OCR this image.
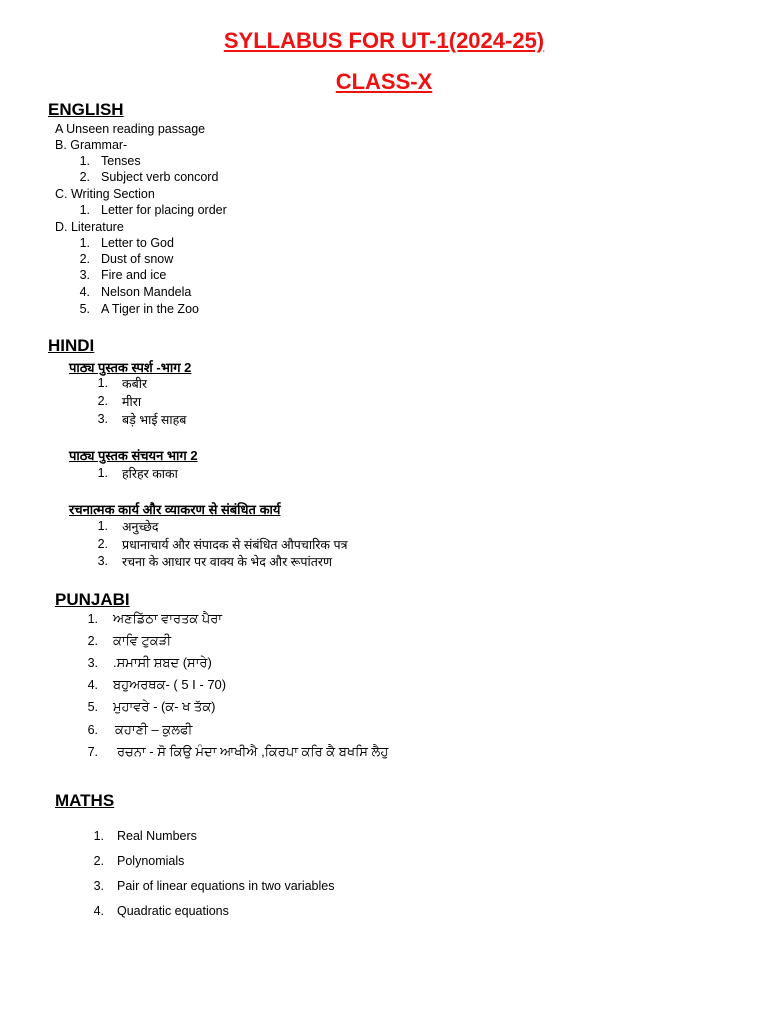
SYLLABUS FOR UT-1(2024-25)
CLASS-X
ENGLISH
A Unseen reading passage
B. Grammar-
1. Tenses
2. Subject verb concord
C. Writing Section
1. Letter for placing order
D. Literature
1. Letter to God
2. Dust of snow
3. Fire and ice
4. Nelson Mandela
5. A Tiger in the Zoo
HINDI
पाठ्य पुस्तक स्पर्श -भाग 2
1. कबीर
2. मीरा
3. बड़े भाई साहब
पाठ्य पुस्तक संचयन भाग 2
1. हरिहर काका
रचनात्मक कार्य और व्याकरण से संबंधित कार्य
1. अनुच्छेद
2. प्रधानाचार्य और संपादक से संबंधित औपचारिक पत्र
3. रचना के आधार पर वाक्य के भेद और रूपांतरण
PUNJABI
1. ਅਣਡਿੱਠਾ ਵਾਰਤਕ ਪੈਰਾ
2. ਕਾਵਿ ਟੁਕੜੀ
3. .ਸਮਾਸੀ ਸ਼ਬਦ (ਸਾਰੇ)
4. ਬਹੁਅਰਥਕ- ( 5 I - 70)
5. ਮੁਹਾਵਰੇ - (ਕ- ਖ ਤੱਕ)
6. ਕਹਾਣੀ – ਕੁਲਫੀ
7. ਰਚਨਾ - ਸੋ ਕਿਉ ਮੰਦਾ ਆਖੀਐ ,ਕਿਰਪਾ ਕਰਿ ਕੈ ਬਖਸਿ ਲੈਹੁ
MATHS
1. Real Numbers
2. Polynomials
3. Pair of linear equations in two variables
4. Quadratic equations
